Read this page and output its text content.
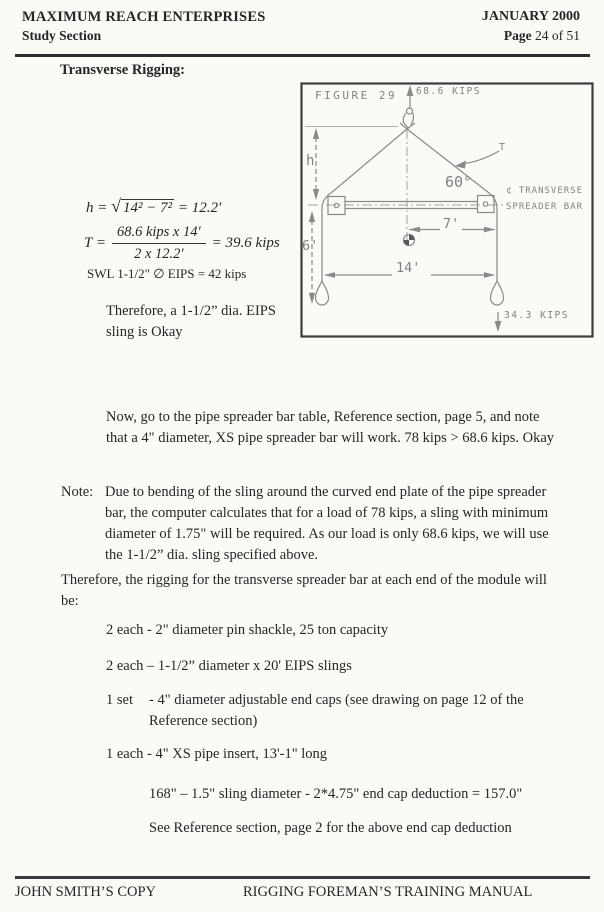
MAXIMUM REACH ENTERPRISES
Study Section
JANUARY 2000
Page 24 of 51
Transverse Rigging:
h = √ 14² − 7² = 12.2′
$T = \frac{\text{68.6 kips x 14′}}{2 x 12.2'} = 39.6$ kips
SWL 1-1/2" ∅ EIPS = 42 kips
Therefore, a 1-1/2” dia. EIPS sling is Okay
FIGURE 29 68.6 KIPS
h
T
60°	¢ TRANSVERSE
SPREADER BAR
7'
6'
14'
34.3 KIPS
Now, go to the pipe spreader bar table, Reference section, page 5, and note that a 4" diameter, XS pipe spreader bar will work. 78 kips > 68.6 kips. Okay
Note: Due to bending of the sling around the curved end plate of the pipe spreader bar, the computer calculates that for a load of 78 kips, a sling with minimum diameter of 1.75" will be required. As our load is only 68.6 kips, we will use the 1-1/2” dia. sling specified above.
Therefore, the rigging for the transverse spreader bar at each end of the module will be:
2 each - 2" diameter pin shackle, 25 ton capacity
2 each – 1-1/2” diameter x 20' EIPS slings
1 set	- 4" diameter adjustable end caps (see drawing on page 12 of the Reference section)
1 each - 4" XS pipe insert, 13'-1" long
168" – 1.5" sling diameter - 2*4.75" end cap deduction = 157.0"
See Reference section, page 2 for the above end cap deduction
JOHN SMITH’S COPY	RIGGING FOREMAN’S TRAINING MANUAL
